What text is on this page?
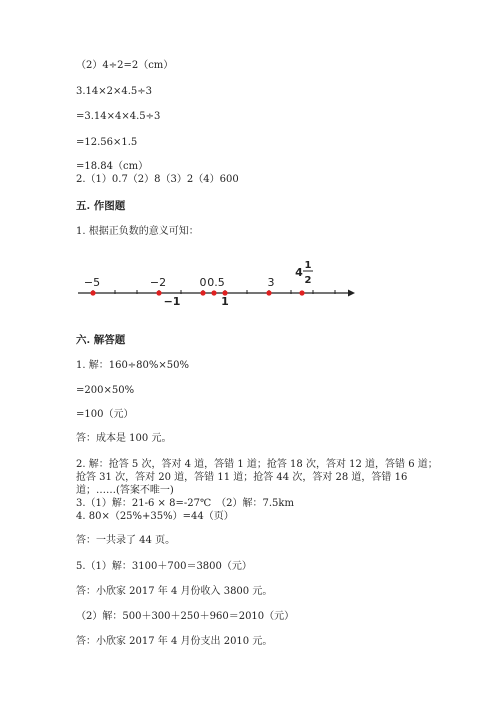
（2）4÷2=2（cm）
3.14×2×4.5÷3
=3.14×4×4.5÷3
=12.56×1.5
=18.84（cm）
2.（1）0.7（2）8（3）2（4）600
五. 作图题
1. 根据正负数的意义可知：
−5	−2	0 0.5	3
−1	1
4
1
2
六. 解答题
1. 解：160÷80%×50%
=200×50%
=100（元）
答：成本是 100 元。
2. 解：抢答 5 次，答对 4 道，答错 1 道；抢答 18 次，答对 12 道，答错 6 道；
抢答 31 次，答对 20 道，答错 11 道；抢答 44 次，答对 28 道，答错 16
道；……(答案不唯一)
3.（1）解：21-6 × 8=-27℃　（2）解：7.5km
4. 80×（25%+35%）=44（页）
答：一共录了 44 页。
5.（1）解：3100＋700＝3800（元）
答：小欣家 2017 年 4 月份收入 3800 元。
（2）解：500＋300＋250＋960＝2010（元）
答：小欣家 2017 年 4 月份支出 2010 元。
